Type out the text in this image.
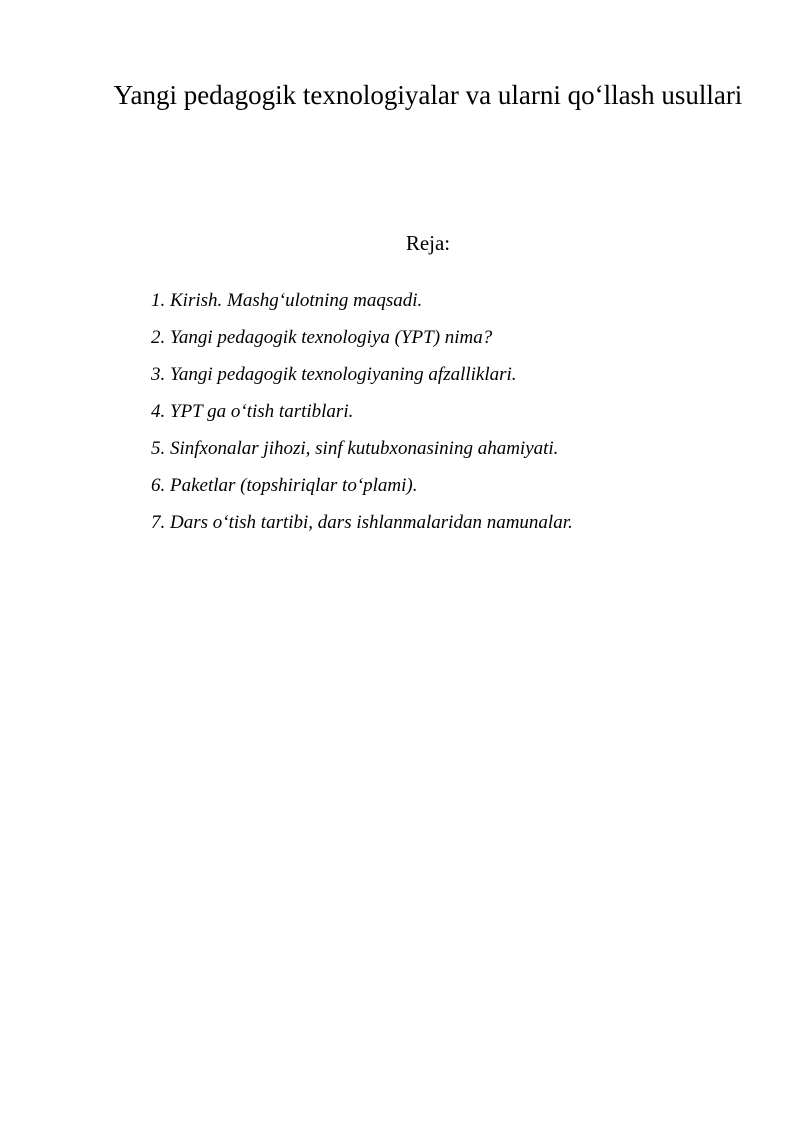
Yangi pedagogik texnologiyalar va ularni qo‘llash usullari
Reja:
1. Kirish. Mashg‘ulotning maqsadi.
2. Yangi pedagogik texnologiya (YPT) nima?
3. Yangi pedagogik texnologiyaning afzalliklari.
4. YPT ga o‘tish tartiblari.
5. Sinfxonalar jihozi, sinf kutubxonasining ahamiyati.
6. Paketlar (topshiriqlar to‘plami).
7. Dars o‘tish tartibi, dars ishlanmalaridan namunalar.
